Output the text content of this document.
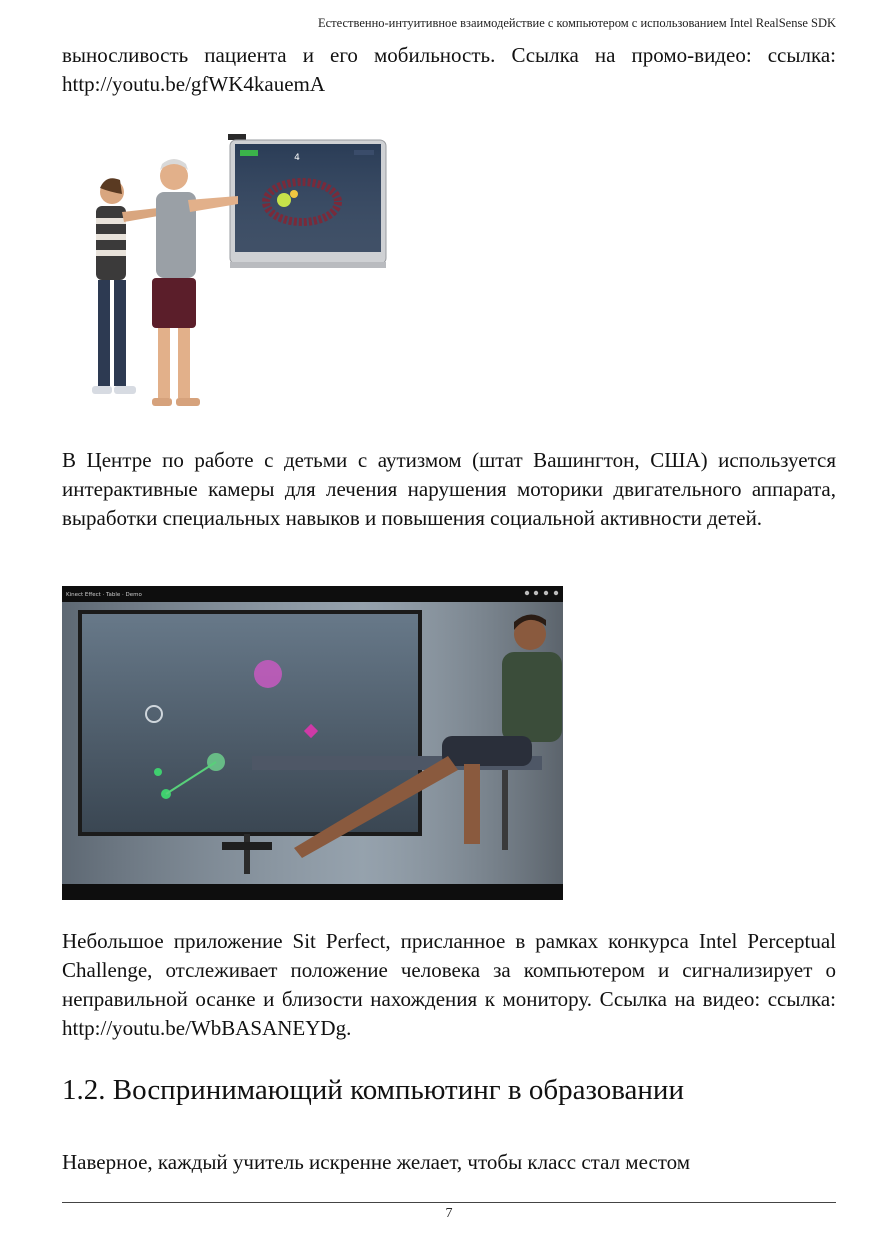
Естественно-интуитивное взаимодействие с компьютером с использованием Intel RealSense SDK

выносливость пациента и его мобильность. Ссылка на промо-видео: ссылка: http://youtu.be/gfWK4kauemA

4

В Центре по работе с детьми с аутизмом (штат Вашингтон, США) используется интерактивные камеры для лечения нарушения моторики двигательного аппарата, выработки специальных навыков и повышения социальной активности детей.

Kinect Effect · Table · Demo

Небольшое приложение Sit Perfect, присланное в рамках конкурса Intel Perceptual Challenge, отслеживает положение человека за компьютером и сигнализирует о неправильной осанке и близости нахождения к монитору. Ссылка на видео: ссылка: http://youtu.be/WbBASANEYDg.

1.2. Воспринимающий компьютинг в образовании

Наверное, каждый учитель искренне желает, чтобы класс стал местом

7
